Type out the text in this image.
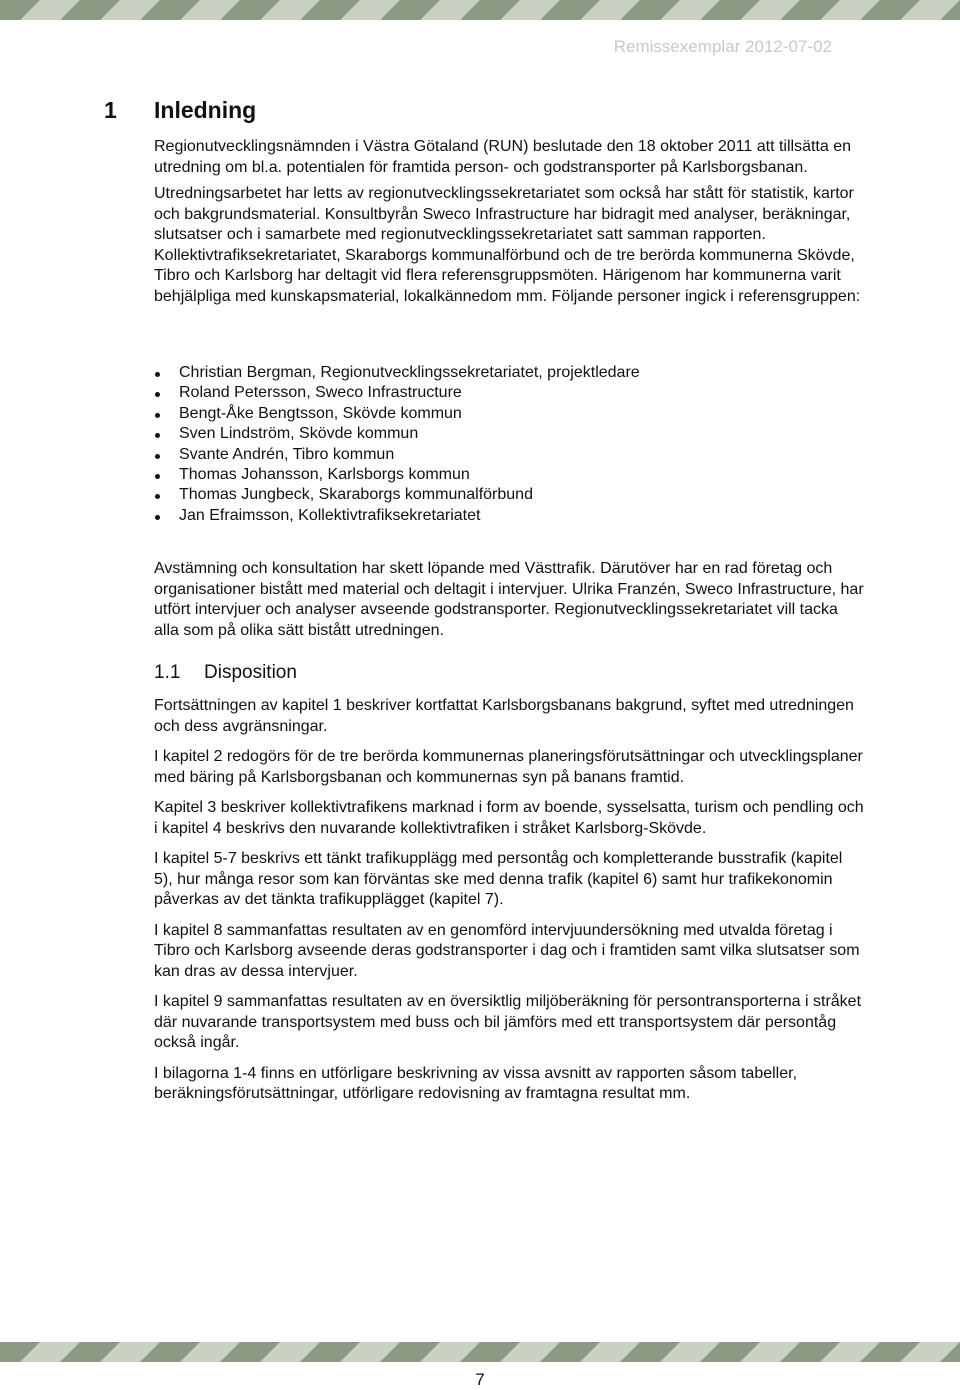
Remissexemplar 2012-07-02
1 Inledning

Regionutvecklingsnämnden i Västra Götaland (RUN) beslutade den 18 oktober 2011 att tillsätta en utredning om bl.a. potentialen för framtida person- och godstransporter på Karlsborgsbanan.

Utredningsarbetet har letts av regionutvecklingssekretariatet som också har stått för statistik, kartor och bakgrundsmaterial. Konsultbyrån Sweco Infrastructure har bidragit med analyser, beräkningar, slutsatser och i samarbete med regionutvecklingssekretariatet satt samman rapporten. Kollektivtrafiksekretariatet, Skaraborgs kommunalförbund och de tre berörda kommunerna Skövde, Tibro och Karlsborg har deltagit vid flera referensgruppsmöten. Härigenom har kommunerna varit behjälpliga med kunskapsmaterial, lokalkännedom mm. Följande personer ingick i referensgruppen:

Christian Bergman, Regionutvecklingssekretariatet, projektledare
Roland Petersson, Sweco Infrastructure
Bengt-Åke Bengtsson, Skövde kommun
Sven Lindström, Skövde kommun
Svante Andrén, Tibro kommun
Thomas Johansson, Karlsborgs kommun
Thomas Jungbeck, Skaraborgs kommunalförbund
Jan Efraimsson, Kollektivtrafiksekretariatet

Avstämning och konsultation har skett löpande med Västtrafik. Därutöver har en rad företag och organisationer bistått med material och deltagit i intervjuer. Ulrika Franzén, Sweco Infrastructure, har utfört intervjuer och analyser avseende godstransporter. Regionutvecklingssekretariatet vill tacka alla som på olika sätt bistått utredningen.

1.1 Disposition

Fortsättningen av kapitel 1 beskriver kortfattat Karlsborgsbanans bakgrund, syftet med utredningen och dess avgränsningar.

I kapitel 2 redogörs för de tre berörda kommunernas planeringsförutsättningar och utvecklingsplaner med bäring på Karlsborgsbanan och kommunernas syn på banans framtid.

Kapitel 3 beskriver kollektivtrafikens marknad i form av boende, sysselsatta, turism och pendling och i kapitel 4 beskrivs den nuvarande kollektivtrafiken i stråket Karlsborg-Skövde.

I kapitel 5-7 beskrivs ett tänkt trafikupplägg med persontåg och kompletterande busstrafik (kapitel 5), hur många resor som kan förväntas ske med denna trafik (kapitel 6) samt hur trafikekonomin påverkas av det tänkta trafikupplägget (kapitel 7).

I kapitel 8 sammanfattas resultaten av en genomförd intervjuundersökning med utvalda företag i Tibro och Karlsborg avseende deras godstransporter i dag och i framtiden samt vilka slutsatser som kan dras av dessa intervjuer.

I kapitel 9 sammanfattas resultaten av en översiktlig miljöberäkning för persontransporterna i stråket där nuvarande transportsystem med buss och bil jämförs med ett transportsystem där persontåg också ingår.

I bilagorna 1-4 finns en utförligare beskrivning av vissa avsnitt av rapporten såsom tabeller, beräkningsförutsättningar, utförligare redovisning av framtagna resultat mm.

7
